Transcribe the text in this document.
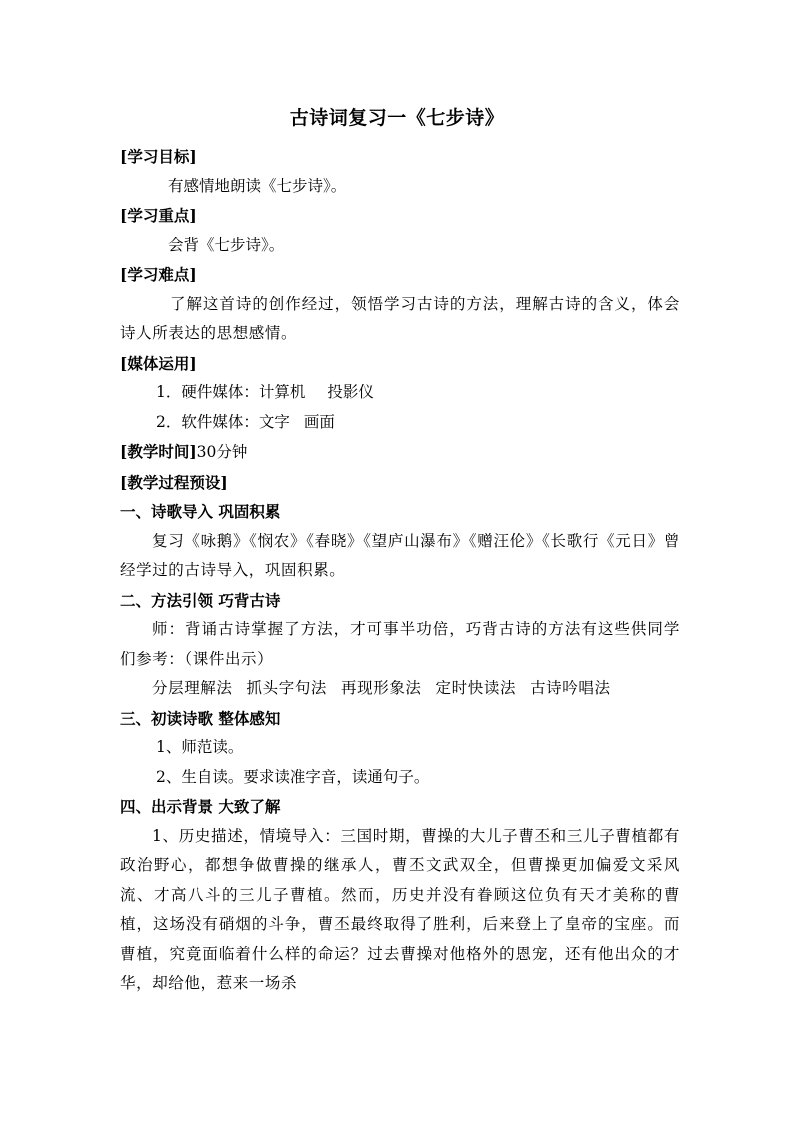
古诗词复习一《七步诗》

[学习目标]

有感情地朗读《七步诗》。

[学习重点]

会背《七步诗》。

[学习难点]

了解这首诗的创作经过，领悟学习古诗的方法，理解古诗的含义，体会诗人所表达的思想感情。

[媒体运用]

1．硬件媒体：计算机 投影仪

2．软件媒体：文字 画面

[教学时间]30分钟

[教学过程预设]

一、诗歌导入 巩固积累

复习《咏鹅》《悯农》《春晓》《望庐山瀑布》《赠汪伦》《长歌行《元日》曾经学过的古诗导入，巩固积累。

二、方法引领 巧背古诗

师：背诵古诗掌握了方法，才可事半功倍，巧背古诗的方法有这些供同学们参考：（课件出示）

分层理解法 抓头字句法 再现形象法 定时快读法 古诗吟唱法

三、初读诗歌 整体感知

1、师范读。

2、生自读。要求读准字音，读通句子。

四、出示背景 大致了解

1、历史描述，情境导入：三国时期，曹操的大儿子曹丕和三儿子曹植都有政治野心，都想争做曹操的继承人，曹丕文武双全，但曹操更加偏爱文采风流、才高八斗的三儿子曹植。然而，历史并没有眷顾这位负有天才美称的曹植，这场没有硝烟的斗争，曹丕最终取得了胜利，后来登上了皇帝的宝座。而曹植，究竟面临着什么样的命运？过去曹操对他格外的恩宠，还有他出众的才华，却给他，惹来一场杀
